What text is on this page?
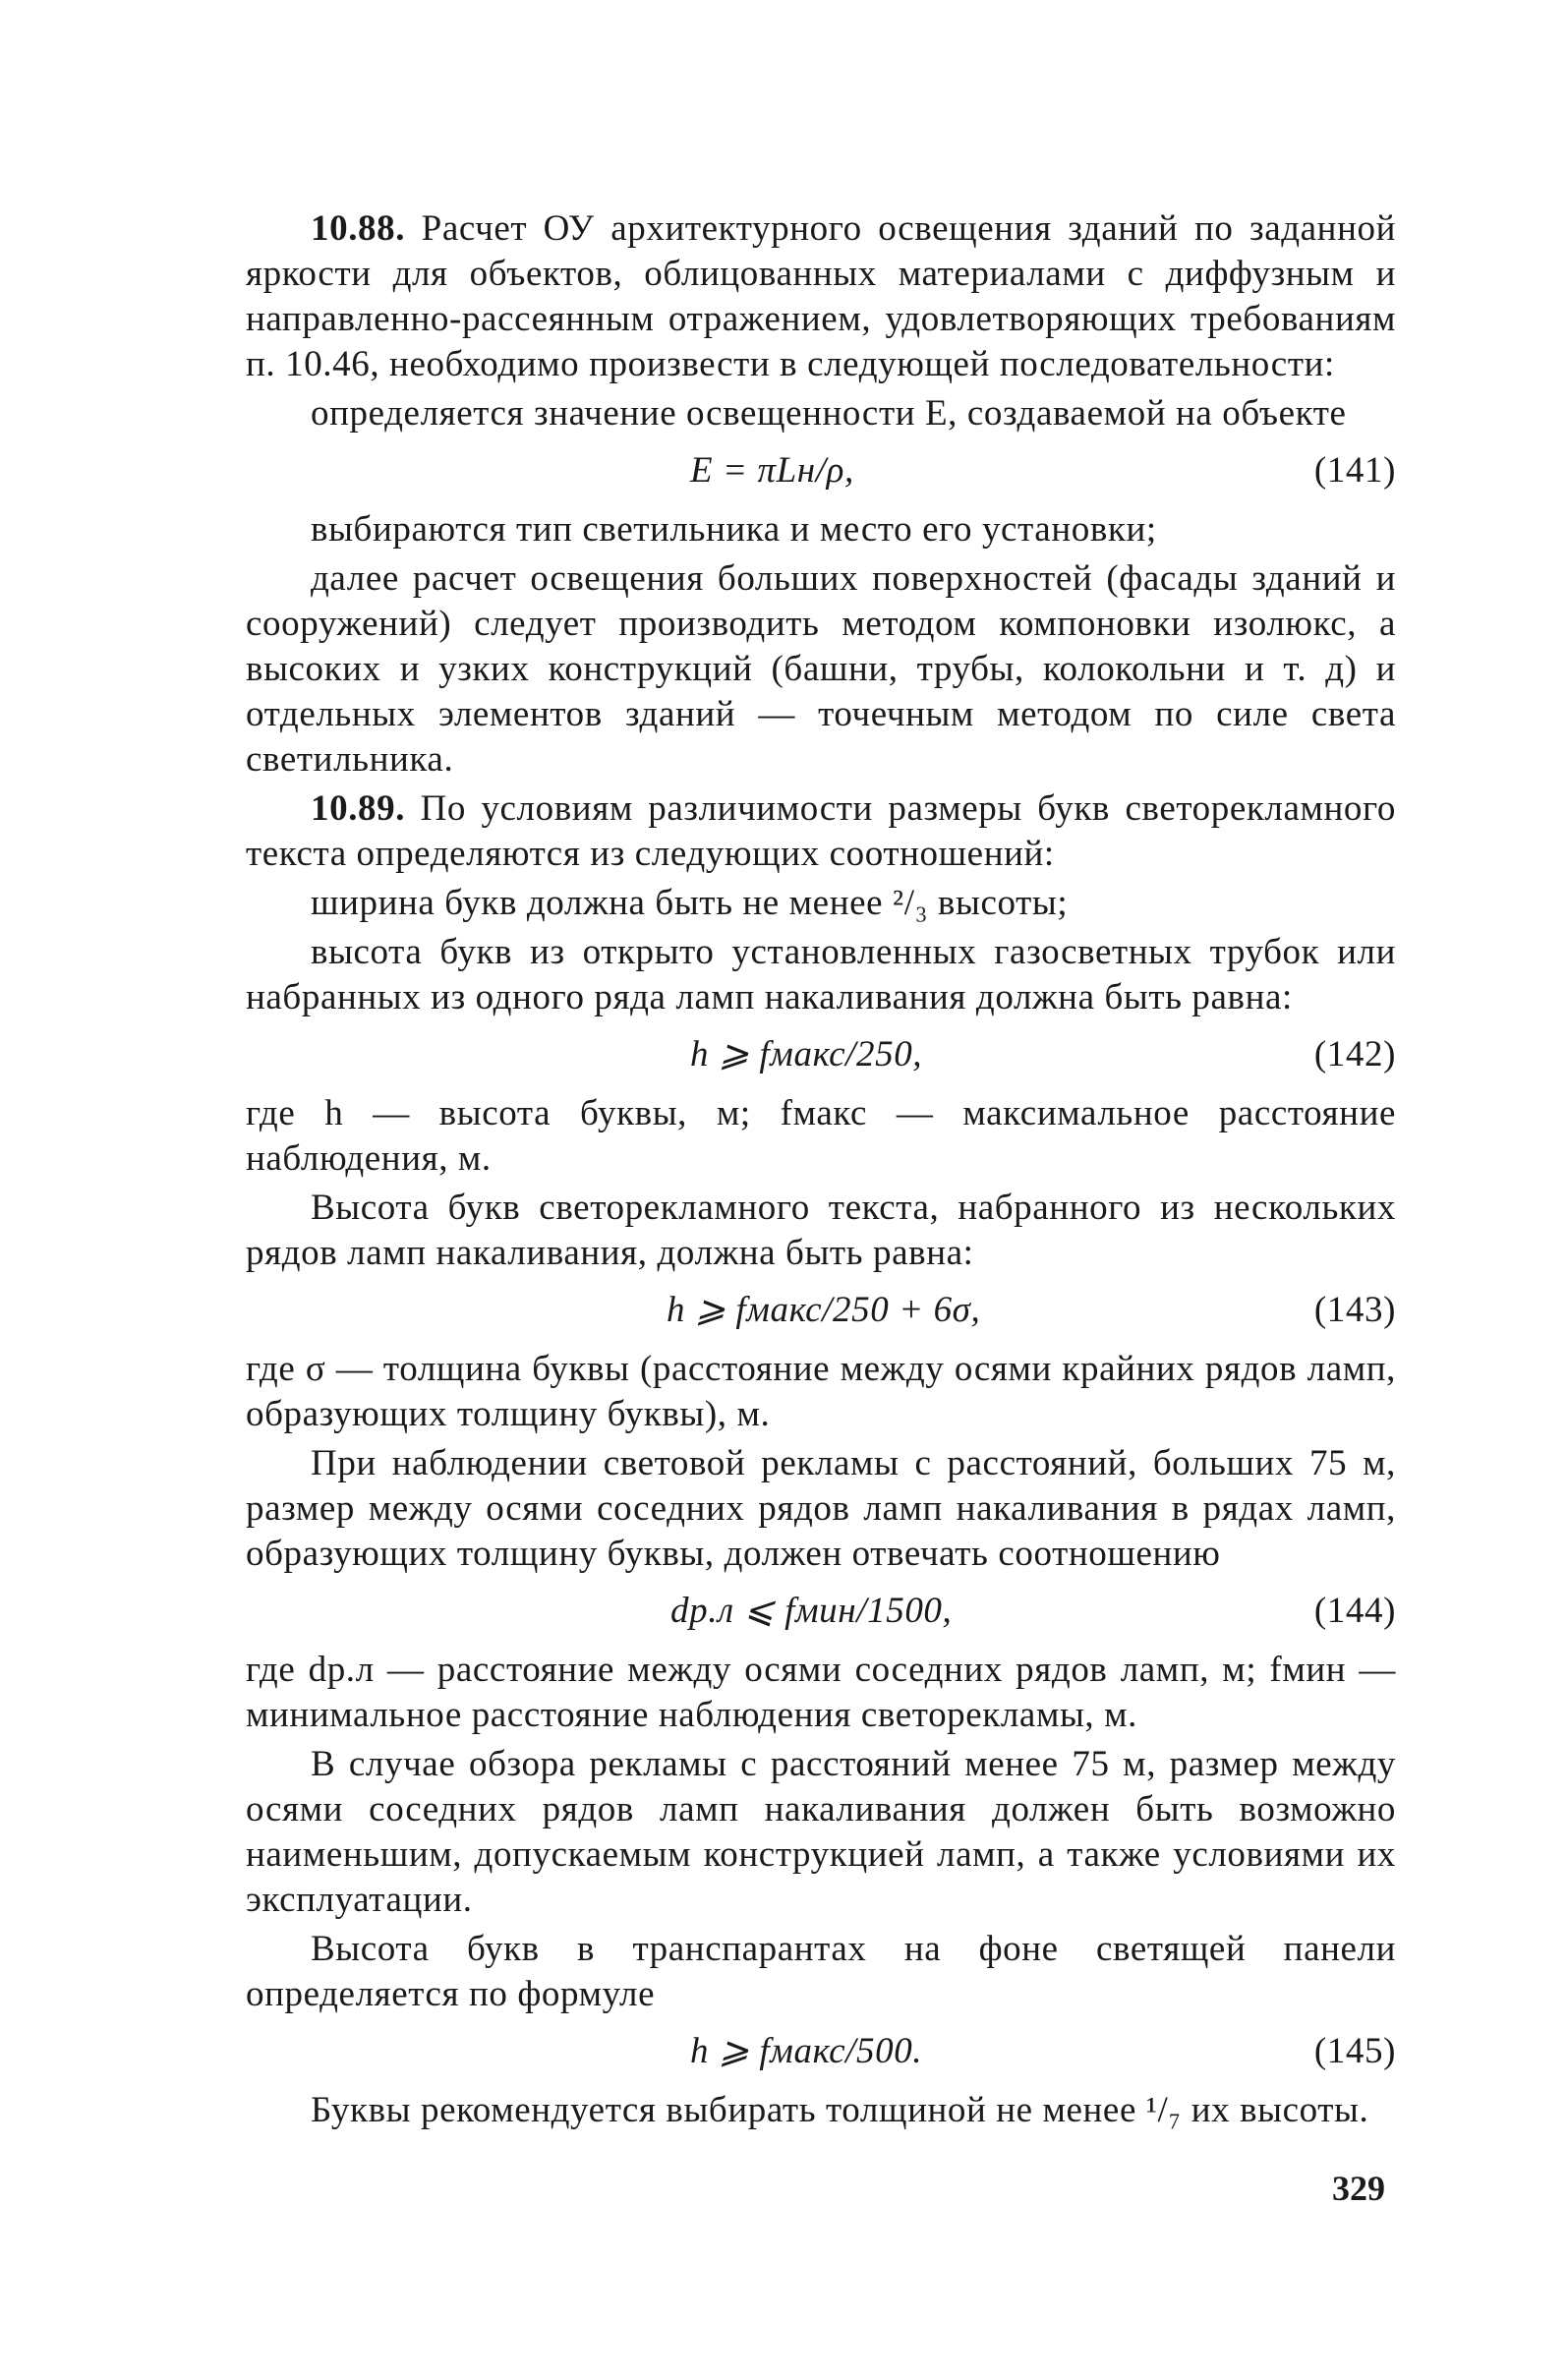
10.88. Расчет ОУ архитектурного освещения зданий по заданной яркости для объектов, облицованных материалами с диффузным и направленно-рассеянным отражением, удовлетворяющих требованиям п. 10.46, необходимо произвести в следующей последовательности:

определяется значение освещенности E, создаваемой на объекте

E = πLн/ρ,	(141)

выбираются тип светильника и место его установки;

далее расчет освещения больших поверхностей (фасады зданий и сооружений) следует производить методом компоновки изолюкс, а высоких и узких конструкций (башни, трубы, колокольни и т. д) и отдельных элементов зданий — точечным методом по силе света светильника.

10.89. По условиям различимости размеры букв светорекламного текста определяются из следующих соотношений:

ширина букв должна быть не менее ²/₃ высоты;

высота букв из открыто установленных газосветных трубок или набранных из одного ряда ламп накаливания должна быть равна:

h ⩾ fмакс/250,	(142)

где h — высота буквы, м; fмакс — максимальное расстояние наблюдения, м.

Высота букв светорекламного текста, набранного из нескольких рядов ламп накаливания, должна быть равна:

h ⩾ fмакс/250 + 6σ,	(143)

где σ — толщина буквы (расстояние между осями крайних рядов ламп, образующих толщину буквы), м.

При наблюдении световой рекламы с расстояний, больших 75 м, размер между осями соседних рядов ламп накаливания в рядах ламп, образующих толщину буквы, должен отвечать соотношению

dр.л ⩽ fмин/1500,	(144)

где dр.л — расстояние между осями соседних рядов ламп, м; fмин — минимальное расстояние наблюдения светорекламы, м.

В случае обзора рекламы с расстояний менее 75 м, размер между осями соседних рядов ламп накаливания должен быть возможно наименьшим, допускаемым конструкцией ламп, а также условиями их эксплуатации.

Высота букв в транспарантах на фоне светящей панели определяется по формуле

h ⩾ fмакс/500.	(145)

Буквы рекомендуется выбирать толщиной не менее ¹/₇ их высоты.

329
